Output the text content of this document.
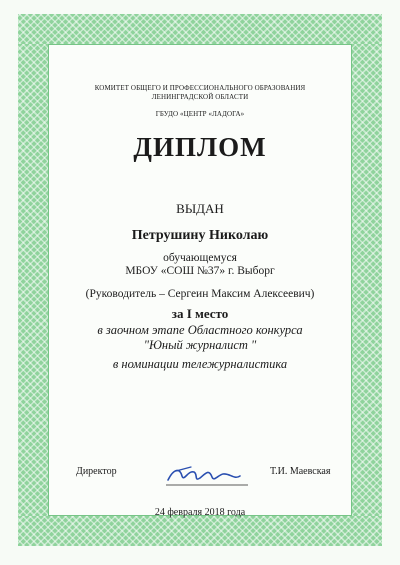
КОМИТЕТ ОБЩЕГО И ПРОФЕССИОНАЛЬНОГО ОБРАЗОВАНИЯ
ЛЕНИНГРАДСКОЙ ОБЛАСТИ
ГБУДО «ЦЕНТР «ЛАДОГА»
ДИПЛОМ
ВЫДАН
Петрушину Николаю
обучающемуся
МБОУ «СОШ №37» г. Выборг
(Руководитель – Сергеин Максим Алексеевич)
за I место
в заочном этапе Областного конкурса
"Юный журналист "
в номинации тележурналистика
Директор	Т.И. Маевская
24 февраля 2018 года
